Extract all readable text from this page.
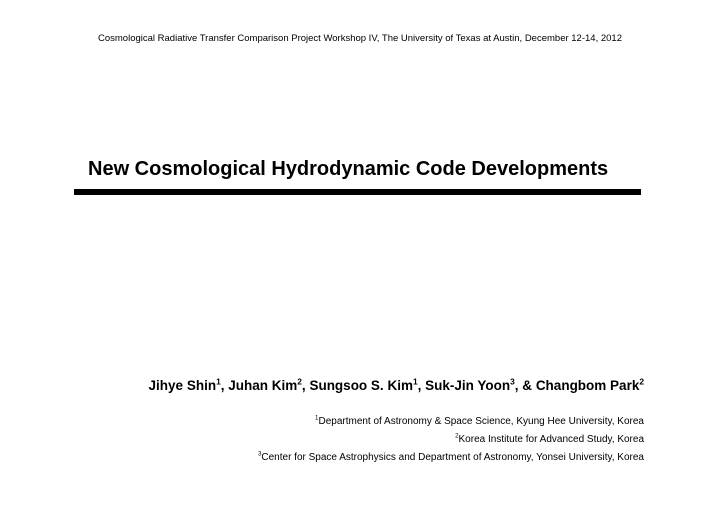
Cosmological Radiative Transfer Comparison Project Workshop IV, The University of Texas at Austin, December 12-14, 2012
New Cosmological Hydrodynamic Code Developments
Jihye Shin$^1$, Juhan Kim$^2$, Sungsoo S. Kim$^1$, Suk-Jin Yoon$^3$, & Changbom Park$^2$
$^1$Department of Astronomy & Space Science, Kyung Hee University, Korea
$^2$Korea Institute for Advanced Study, Korea
$^3$Center for Space Astrophysics and Department of Astronomy, Yonsei University, Korea
